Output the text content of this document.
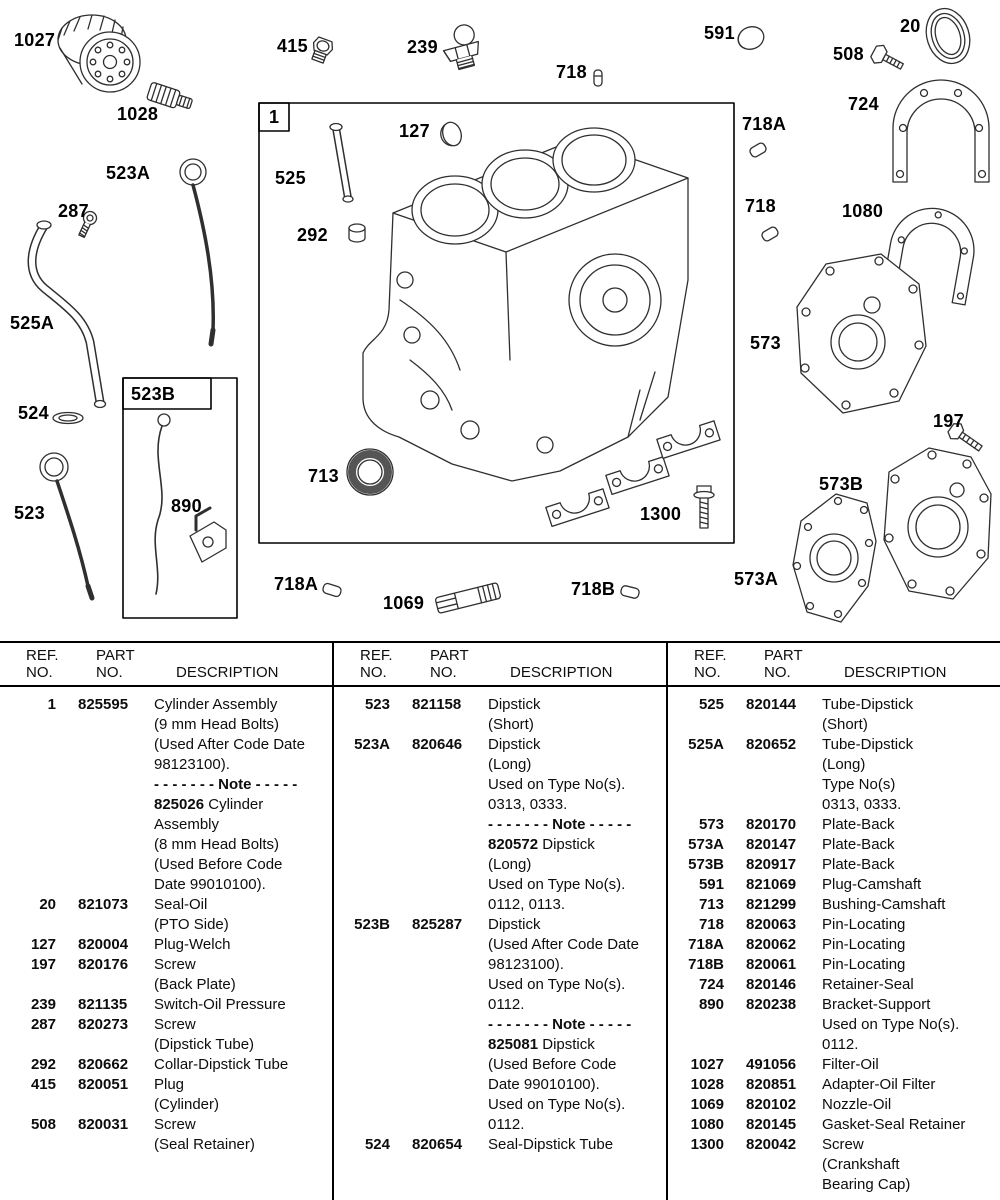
1027
1028
523A
287
525A
524
523
523B
890
415	239
718
127
525
292
1
713
718A
1069
718B
1300
591
508
20
724
718A
718	1080
573
197
573B
573A
REF.
NO.
PART
NO.	DESCRIPTION
1 825595	Cylinder Assembly
(9 mm Head Bolts)
(Used After Code Date
98123100).
- - - - - - - Note - - - - -
825026 Cylinder
Assembly
(8 mm Head Bolts)
(Used Before Code
Date 99010100).
20 821073	Seal-Oil
(PTO Side)
127 820004	Plug-Welch
197 820176	Screw
(Back Plate)
239 821135	Switch-Oil Pressure
287 820273	Screw
(Dipstick Tube)
292 820662	Collar-Dipstick Tube
415 820051	Plug
(Cylinder)
508 820031	Screw
(Seal Retainer)
REF.
NO.
PART
NO.	DESCRIPTION
523 821158	Dipstick
(Short)
523A 820646	Dipstick
(Long)
Used on Type No(s).
0313, 0333.
- - - - - - - Note - - - - -
820572 Dipstick
(Long)
Used on Type No(s).
0112, 0113.
523B 825287	Dipstick
(Used After Code Date
98123100).
Used on Type No(s).
0112.
- - - - - - - Note - - - - -
825081 Dipstick
(Used Before Code
Date 99010100).
Used on Type No(s).
0112.
524 820654	Seal-Dipstick Tube
REF.
NO.
PART
NO.	DESCRIPTION
525 820144	Tube-Dipstick
(Short)
525A 820652	Tube-Dipstick
(Long)
Type No(s)
0313, 0333.
573 820170	Plate-Back
573A 820147	Plate-Back
573B 820917	Plate-Back
591 821069	Plug-Camshaft
713 821299	Bushing-Camshaft
718 820063	Pin-Locating
718A 820062	Pin-Locating
718B 820061	Pin-Locating
724 820146	Retainer-Seal
890 820238	Bracket-Support
Used on Type No(s).
0112.
1027 491056	Filter-Oil
1028 820851	Adapter-Oil Filter
1069 820102	Nozzle-Oil
1080 820145	Gasket-Seal Retainer
1300 820042	Screw
(Crankshaft
Bearing Cap)
